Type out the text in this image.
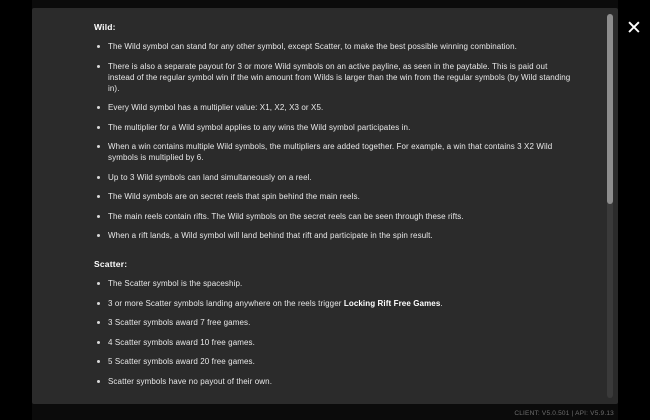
Wild:
The Wild symbol can stand for any other symbol, except Scatter, to make the best possible winning combination.
There is also a separate payout for 3 or more Wild symbols on an active payline, as seen in the paytable. This is paid out instead of the regular symbol win if the win amount from Wilds is larger than the win from the regular symbols (by Wild standing in).
Every Wild symbol has a multiplier value: X1, X2, X3 or X5.
The multiplier for a Wild symbol applies to any wins the Wild symbol participates in.
When a win contains multiple Wild symbols, the multipliers are added together. For example, a win that contains 3 X2 Wild symbols is multiplied by 6.
Up to 3 Wild symbols can land simultaneously on a reel.
The Wild symbols are on secret reels that spin behind the main reels.
The main reels contain rifts. The Wild symbols on the secret reels can be seen through these rifts.
When a rift lands, a Wild symbol will land behind that rift and participate in the spin result.
Scatter:
The Scatter symbol is the spaceship.
3 or more Scatter symbols landing anywhere on the reels trigger Locking Rift Free Games.
3 Scatter symbols award 7 free games.
4 Scatter symbols award 10 free games.
5 Scatter symbols award 20 free games.
Scatter symbols have no payout of their own.
✕
CLIENT: V5.0.501 | API: V5.9.13
